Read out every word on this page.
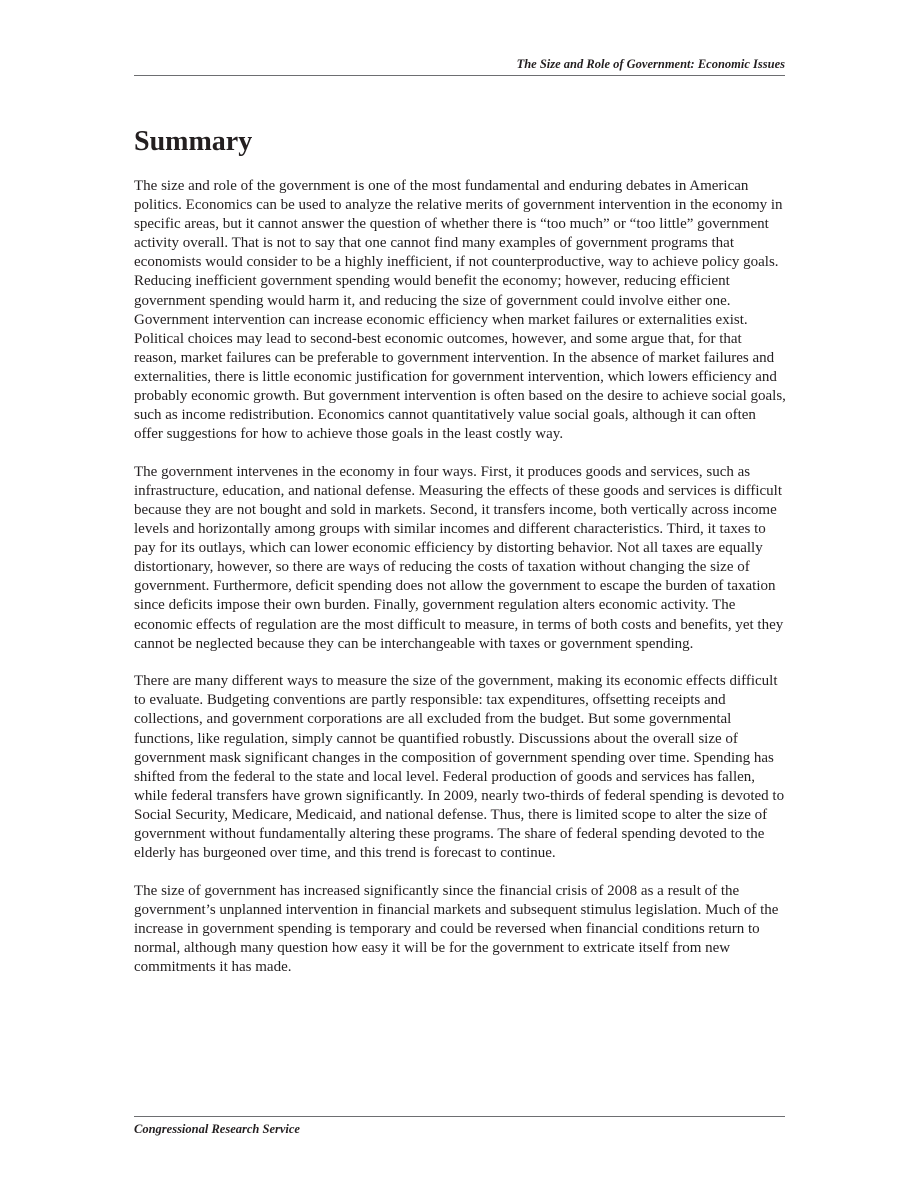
The Size and Role of Government: Economic Issues
Summary

The size and role of the government is one of the most fundamental and enduring debates in American politics. Economics can be used to analyze the relative merits of government intervention in the economy in specific areas, but it cannot answer the question of whether there is “too much” or “too little” government activity overall. That is not to say that one cannot find many examples of government programs that economists would consider to be a highly inefficient, if not counterproductive, way to achieve policy goals. Reducing inefficient government spending would benefit the economy; however, reducing efficient government spending would harm it, and reducing the size of government could involve either one. Government intervention can increase economic efficiency when market failures or externalities exist. Political choices may lead to second-best economic outcomes, however, and some argue that, for that reason, market failures can be preferable to government intervention. In the absence of market failures and externalities, there is little economic justification for government intervention, which lowers efficiency and probably economic growth. But government intervention is often based on the desire to achieve social goals, such as income redistribution. Economics cannot quantitatively value social goals, although it can often offer suggestions for how to achieve those goals in the least costly way.

The government intervenes in the economy in four ways. First, it produces goods and services, such as infrastructure, education, and national defense. Measuring the effects of these goods and services is difficult because they are not bought and sold in markets. Second, it transfers income, both vertically across income levels and horizontally among groups with similar incomes and different characteristics. Third, it taxes to pay for its outlays, which can lower economic efficiency by distorting behavior. Not all taxes are equally distortionary, however, so there are ways of reducing the costs of taxation without changing the size of government. Furthermore, deficit spending does not allow the government to escape the burden of taxation since deficits impose their own burden. Finally, government regulation alters economic activity. The economic effects of regulation are the most difficult to measure, in terms of both costs and benefits, yet they cannot be neglected because they can be interchangeable with taxes or government spending.

There are many different ways to measure the size of the government, making its economic effects difficult to evaluate. Budgeting conventions are partly responsible: tax expenditures, offsetting receipts and collections, and government corporations are all excluded from the budget. But some governmental functions, like regulation, simply cannot be quantified robustly. Discussions about the overall size of government mask significant changes in the composition of government spending over time. Spending has shifted from the federal to the state and local level. Federal production of goods and services has fallen, while federal transfers have grown significantly. In 2009, nearly two-thirds of federal spending is devoted to Social Security, Medicare, Medicaid, and national defense. Thus, there is limited scope to alter the size of government without fundamentally altering these programs. The share of federal spending devoted to the elderly has burgeoned over time, and this trend is forecast to continue.

The size of government has increased significantly since the financial crisis of 2008 as a result of the government’s unplanned intervention in financial markets and subsequent stimulus legislation. Much of the increase in government spending is temporary and could be reversed when financial conditions return to normal, although many question how easy it will be for the government to extricate itself from new commitments it has made.

Congressional Research Service
